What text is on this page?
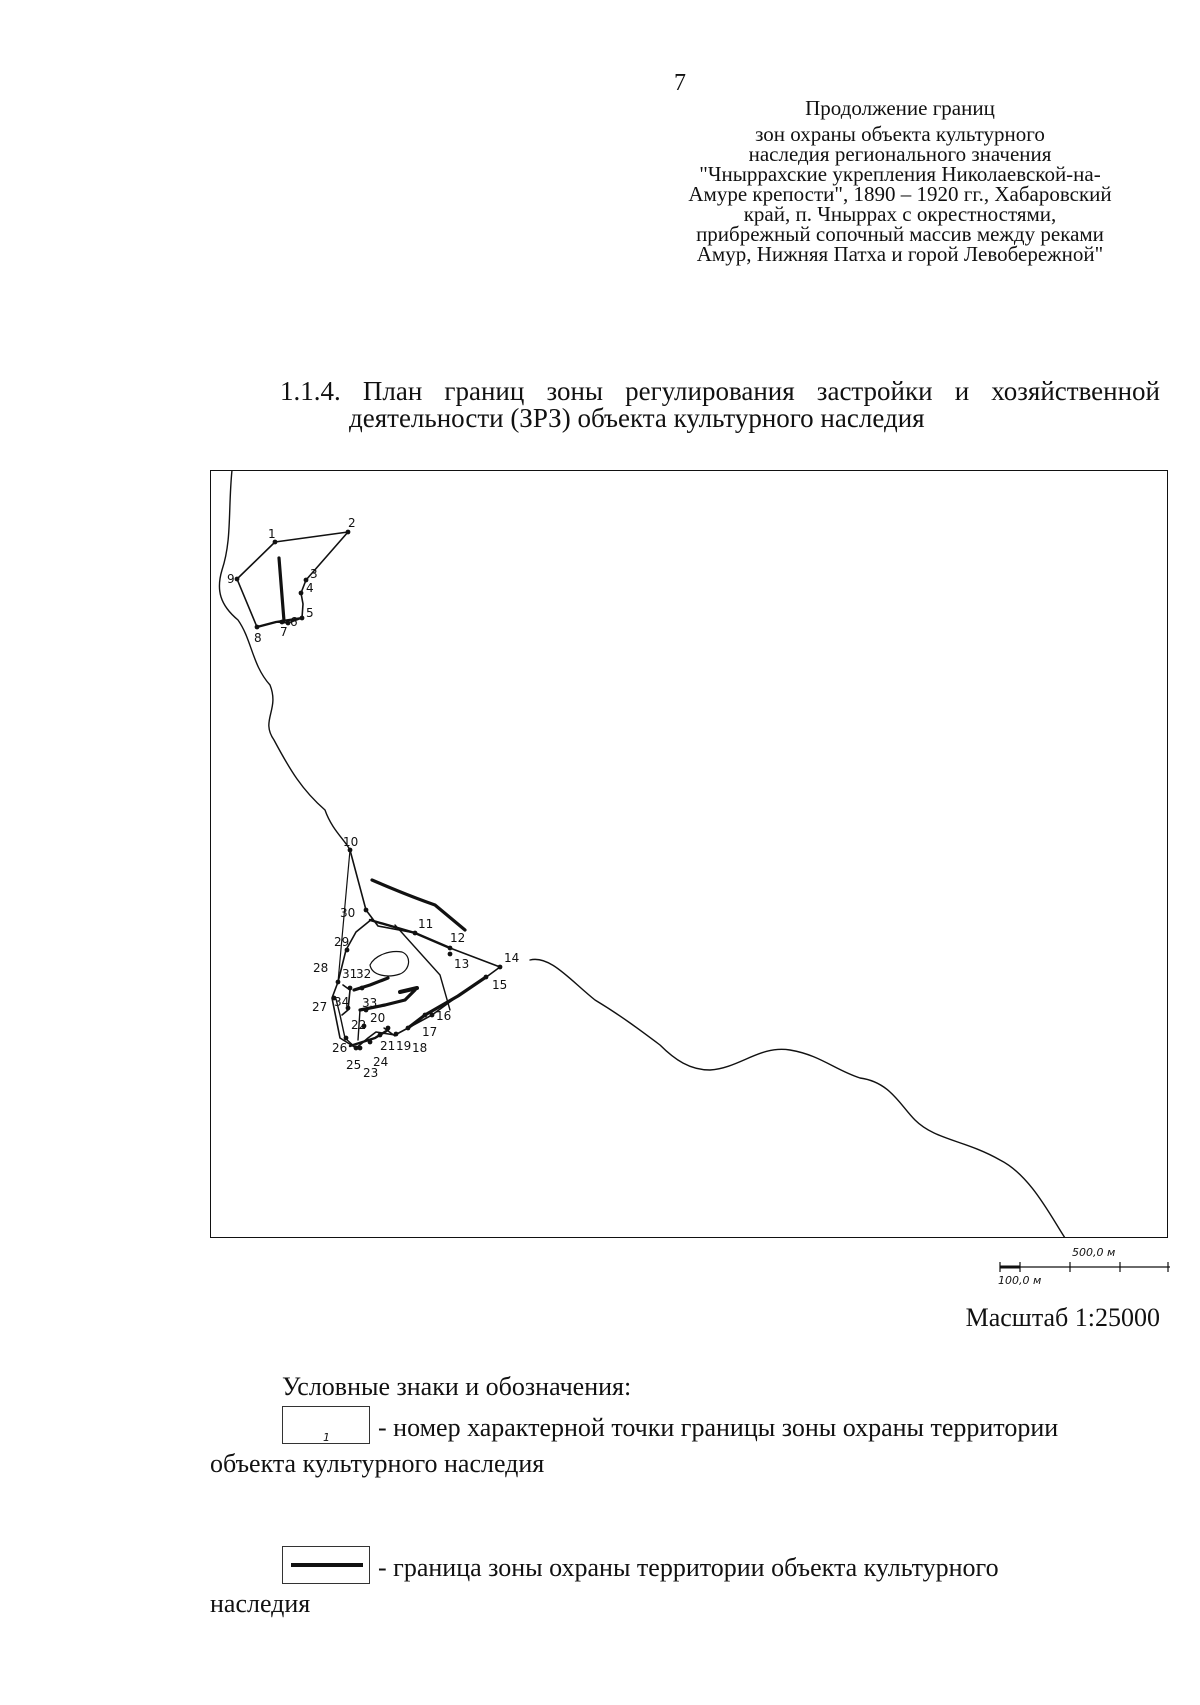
7
Продолжение границ
зон охраны объекта культурного
наследия регионального значения
"Чныррахские укрепления Николаевской-на-
Амуре крепости", 1890 – 1920 гг., Хабаровский
край, п. Чныррах с окрестностями,
прибрежный сопочный массив между реками
Амур, Нижняя Патха и горой Левобережной"
1.1.4. План границ зоны регулирования застройки и хозяйственной
деятельности (ЗРЗ) объекта культурного наследия
1
2
3
4
5
6
7
8
9
10
11
12
13	14
15
16
17
18
19
20
21
22
23
24
25
26
27
28
29
30
31
32
33
34
500,0 м
100,0 м
Масштаб 1:25000
Условные знаки и обозначения:
1 - номер характерной точки границы зоны охраны территории
объекта культурного наследия
- граница зоны охраны территории объекта культурного
наследия
